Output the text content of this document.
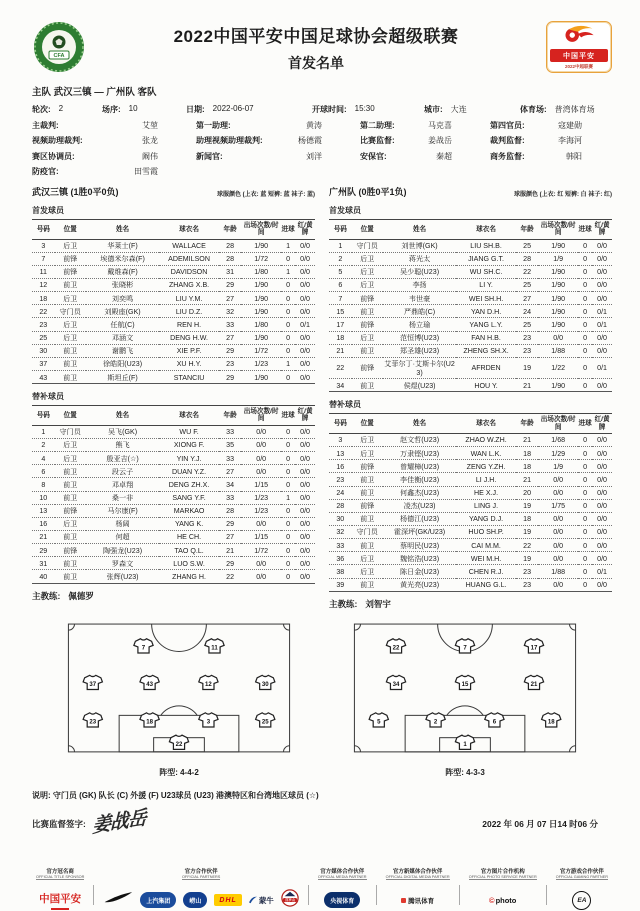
CFA
2022中国平安中国足球协会超级联赛
首发名单	中国平安
2022中超联赛
主队 武汉三镇 — 广州队 客队
轮次: 2	场序: 10	日期: 2022-06-07	开球时间: 15:30	城市: 大连	体育场: 普湾体育场
主裁判:	艾堃	第一助理:	黄涛	第二助理:	马克喜	第四官员:	寇建勋
视频助理裁判:	张龙	助理视频助理裁判:	杨德霞	比赛监督:	姜战岳	裁判监督:	李海河
赛区协调员:	阚伟	新闻官:	刘洋	安保官:	秦超	商务监督:	韩阳
防疫官:	田雪霞
武汉三镇 (1胜0平0负)	球服颜色 (上衣: 蓝 短裤: 蓝 袜子: 蓝)
首发球员
号码	位置	姓名	球衣名	年龄	出场次数/时间	进球	红/黄牌
3	后卫	华莱士(F)	WALLACE	28	1/90	1	0/0
7	前锋	埃德米尔森(F)	ADEMILSON	28	1/72	0	0/0
11	前锋	戴维森(F)	DAVIDSON	31	1/80	1	0/0
12	前卫	张晓彬	ZHANG X.B.	29	1/90	0	0/0
18	后卫	刘奕鸣	LIU Y.M.	27	1/90	0	0/0
22	守门员	刘殿座(GK)	LIU D.Z.	32	1/90	0	0/0
23	后卫	任航(C)	REN H.	33	1/80	0	0/1
25	后卫	邓涵文	DENG H.W.	27	1/90	0	0/0
30	前卫	谢鹏飞	XIE P.F.	29	1/72	0	0/0
37	前卫	徐皓阳(U23)	XU H.Y.	23	1/23	1	0/0
43	前卫	斯坦丘(F)	STANCIU	29	1/90	0	0/0
替补球员
号码	位置	姓名	球衣名	年龄	出场次数/时间	进球	红/黄牌
1	守门员	吴飞(GK)	WU F.	33	0/0	0	0/0
2	后卫	熊飞	XIONG F.	35	0/0	0	0/0
4	后卫	殷亚吉(☆)	YIN Y.J.	33	0/0	0	0/0
6	前卫	段云子	DUAN Y.Z.	27	0/0	0	0/0
8	前卫	邓卓翔	DENG ZH.X.	34	1/15	0	0/0
10	前卫	桑一非	SANG Y.F.	33	1/23	1	0/0
13	前锋	马尔康(F)	MARKAO	28	1/23	0	0/0
16	后卫	杨阔	YANG K.	29	0/0	0	0/0
21	前卫	何超	HE CH.	27	1/15	0	0/0
29	前锋	陶强龙(U23)	TAO Q.L.	21	1/72	0	0/0
31	前卫	罗森文	LUO S.W.	29	0/0	0	0/0
40	前卫	张辉(U23)	ZHANG H.	22	0/0	0	0/0
主教练: 佩德罗
广州队 (0胜0平1负)	球服颜色 (上衣: 红 短裤: 白 袜子: 红)
首发球员
号码	位置	姓名	球衣名	年龄	出场次数/时间	进球	红/黄牌
1	守门员	刘世博(GK)	LIU SH.B.	25	1/90	0	0/0
2	后卫	蒋光太	JIANG G.T.	28	1/9	0	0/0
5	后卫	吴少聪(U23)	WU SH.C.	22	1/90	0	0/0
6	后卫	李扬	LI Y.	25	1/90	0	0/0
7	前锋	韦世豪	WEI SH.H.	27	1/90	0	0/0
15	前卫	严鼎皓(C)	YAN D.H.	24	1/90	0	0/1
17	前锋	杨立瑜	YANG L.Y.	25	1/90	0	0/1
18	后卫	范恒博(U23)	FAN H.B.	23	0/0	0	0/0
21	前卫	郑圣雄(U23)	ZHENG SH.X.	23	1/88	0	0/0
22	前锋	艾菲尔丁·艾斯卡尔(U23)	AFRDEN	19	1/22	0	0/1
34	前卫	侯煜(U23)	HOU Y.	21	1/90	0	0/0
替补球员
号码	位置	姓名	球衣名	年龄	出场次数/时间	进球	红/黄牌
3	后卫	赵文哲(U23)	ZHAO W.ZH.	21	1/68	0	0/0
13	后卫	万隶铿(U23)	WAN L.K.	18	1/29	0	0/0
16	前锋	曾耀樟(U23)	ZENG Y.ZH.	18	1/9	0	0/0
23	前卫	李佳衡(U23)	LI J.H.	21	0/0	0	0/0
24	前卫	何鑫杰(U23)	HE X.J.	20	0/0	0	0/0
28	前锋	凌杰(U23)	LING J.	19	1/75	0	0/0
30	前卫	杨德江(U23)	YANG D.J.	18	0/0	0	0/0
32	守门员	霍深坪(GK/U23)	HUO SH.P.	19	0/0	0	0/0
33	前卫	蔡明民(U23)	CAI M.M.	22	0/0	0	0/0
36	后卫	魏铭浩(U23)	WEI M.H.	19	0/0	0	0/0
38	后卫	陈日金(U23)	CHEN R.J.	23	1/88	0	0/1
39	前卫	黄光亮(U23)	HUANG G.L.	23	0/0	0	0/0
主教练: 刘智宇
7	11
37	43	12	30
23	18	3	25
22
阵型: 4-4-2
22	7	17
34	15	21
5	2	6	18
1
阵型: 4-3-3
说明: 守门员 (GK) 队长 (C) 外援 (F) U23球员 (U23) 港澳特区和台湾地区球员 (☆)
比赛监督签字: 姜战岳	2022 年 06 月 07 日14 时06 分
官方冠名商
OFFICIAL TITLE SPONSOR
中国平安
官方合作伙伴
OFFICIAL PARTNERS
上汽集团	崂山	DHL	蒙牛	百岁山
官方媒体合作伙伴
OFFICIAL MEDIA PARTNER
央视体育
官方新媒体合作伙伴
OFFICIAL DIGITAL MEDIA PARTNER
腾讯体育
官方图片合作机构
OFFICIAL PHOTO SERVICE PARTNER
©photo
官方游戏合作伙伴
OFFICIAL GAMING PARTNER
EA
